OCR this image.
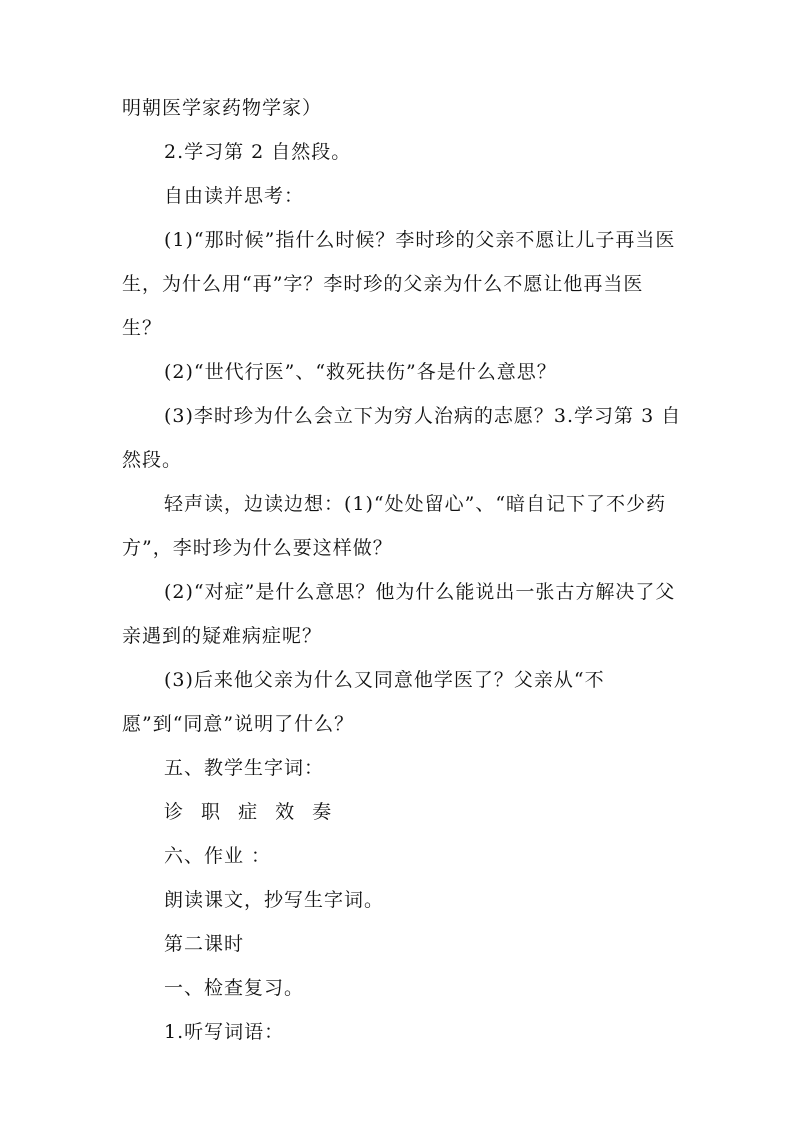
明朝医学家药物学家）

2.学习第 2 自然段。

自由读并思考：

(1)“那时候”指什么时候？李时珍的父亲不愿让儿子再当医生，为什么用“再”字？李时珍的父亲为什么不愿让他再当医生？

(2)“世代行医”、“救死扶伤”各是什么意思？

(3)李时珍为什么会立下为穷人治病的志愿？3.学习第 3 自然段。

轻声读，边读边想：(1)“处处留心”、“暗自记下了不少药方”，李时珍为什么要这样做？

(2)“对症”是什么意思？他为什么能说出一张古方解决了父亲遇到的疑难病症呢？

(3)后来他父亲为什么又同意他学医了？父亲从“不愿”到“同意”说明了什么？

五、教学生字词：

诊 职 症 效 奏

六、作业 ：

朗读课文，抄写生字词。

第二课时

一、检查复习。

1.听写词语：
